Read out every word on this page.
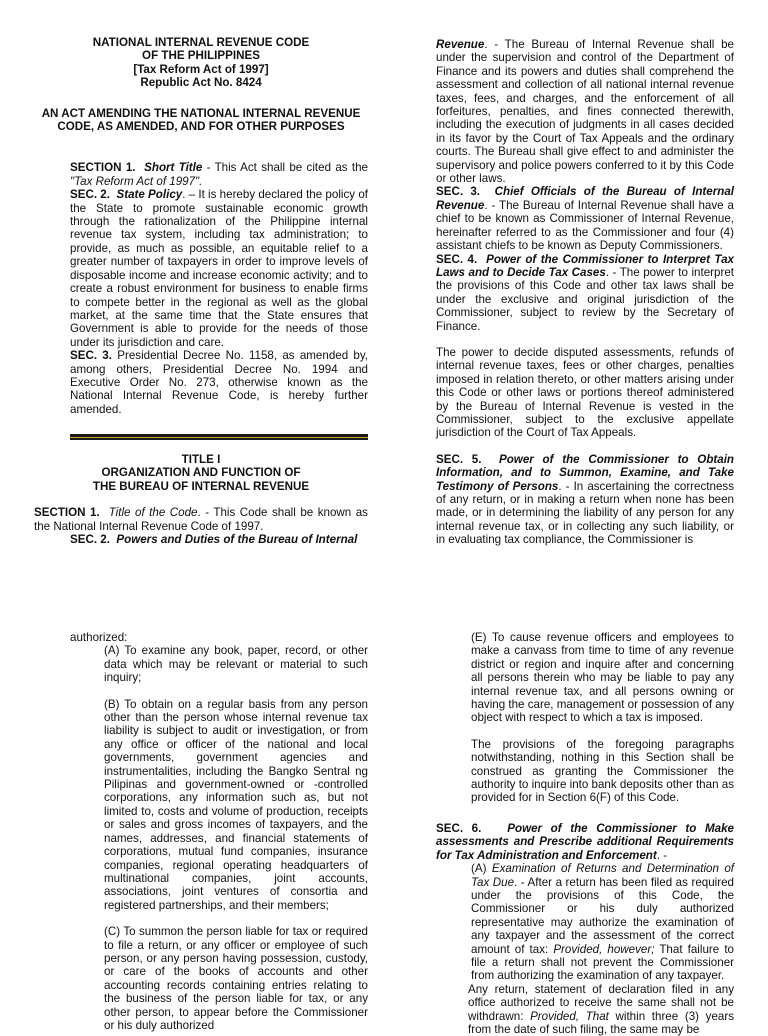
NATIONAL INTERNAL REVENUE CODE
OF THE PHILIPPINES
[Tax Reform Act of 1997]
Republic Act No. 8424
AN ACT AMENDING THE NATIONAL INTERNAL REVENUE
CODE, AS AMENDED, AND FOR OTHER PURPOSES

SECTION 1. Short Title - This Act shall be cited as the "Tax Reform Act of 1997".

SEC. 2. State Policy. – It is hereby declared the policy of the State to promote sustainable economic growth through the rationalization of the Philippine internal revenue tax system, including tax administration; to provide, as much as possible, an equitable relief to a greater number of taxpayers in order to improve levels of disposable income and increase economic activity; and to create a robust environment for business to enable firms to compete better in the regional as well as the global market, at the same time that the State ensures that Government is able to provide for the needs of those under its jurisdiction and care.

SEC. 3. Presidential Decree No. 1158, as amended by, among others, Presidential Decree No. 1994 and Executive Order No. 273, otherwise known as the National Internal Revenue Code, is hereby further amended.

TITLE I
ORGANIZATION AND FUNCTION OF
THE BUREAU OF INTERNAL REVENUE

SECTION 1. Title of the Code. - This Code shall be known as the National Internal Revenue Code of 1997.

SEC. 2. Powers and Duties of the Bureau of Internal

Revenue. - The Bureau of Internal Revenue shall be under the supervision and control of the Department of Finance and its powers and duties shall comprehend the assessment and collection of all national internal revenue taxes, fees, and charges, and the enforcement of all forfeitures, penalties, and fines connected therewith, including the execution of judgments in all cases decided in its favor by the Court of Tax Appeals and the ordinary courts. The Bureau shall give effect to and administer the supervisory and police powers conferred to it by this Code or other laws.

SEC. 3. Chief Officials of the Bureau of Internal Revenue. - The Bureau of Internal Revenue shall have a chief to be known as Commissioner of Internal Revenue, hereinafter referred to as the Commissioner and four (4) assistant chiefs to be known as Deputy Commissioners.

SEC. 4. Power of the Commissioner to Interpret Tax Laws and to Decide Tax Cases. - The power to interpret the provisions of this Code and other tax laws shall be under the exclusive and original jurisdiction of the Commissioner, subject to review by the Secretary of Finance.

The power to decide disputed assessments, refunds of internal revenue taxes, fees or other charges, penalties imposed in relation thereto, or other matters arising under this Code or other laws or portions thereof administered by the Bureau of Internal Revenue is vested in the Commissioner, subject to the exclusive appellate jurisdiction of the Court of Tax Appeals.

SEC. 5. Power of the Commissioner to Obtain Information, and to Summon, Examine, and Take Testimony of Persons. - In ascertaining the correctness of any return, or in making a return when none has been made, or in determining the liability of any person for any internal revenue tax, or in collecting any such liability, or in evaluating tax compliance, the Commissioner is

authorized:

(A) To examine any book, paper, record, or other data which may be relevant or material to such inquiry;

(B) To obtain on a regular basis from any person other than the person whose internal revenue tax liability is subject to audit or investigation, or from any office or officer of the national and local governments, government agencies and instrumentalities, including the Bangko Sentral ng Pilipinas and government-owned or -controlled corporations, any information such as, but not limited to, costs and volume of production, receipts or sales and gross incomes of taxpayers, and the names, addresses, and financial statements of corporations, mutual fund companies, insurance companies, regional operating headquarters of multinational companies, joint accounts, associations, joint ventures of consortia and registered partnerships, and their members;

(C) To summon the person liable for tax or required to file a return, or any officer or employee of such person, or any person having possession, custody, or care of the books of accounts and other accounting records containing entries relating to the business of the person liable for tax, or any other person, to appear before the Commissioner or his duly authorized

(E) To cause revenue officers and employees to make a canvass from time to time of any revenue district or region and inquire after and concerning all persons therein who may be liable to pay any internal revenue tax, and all persons owning or having the care, management or possession of any object with respect to which a tax is imposed.

The provisions of the foregoing paragraphs notwithstanding, nothing in this Section shall be construed as granting the Commissioner the authority to inquire into bank deposits other than as provided for in Section 6(F) of this Code.

SEC. 6. Power of the Commissioner to Make assessments and Prescribe additional Requirements for Tax Administration and Enforcement. -

(A) Examination of Returns and Determination of Tax Due. - After a return has been filed as required under the provisions of this Code, the Commissioner or his duly authorized representative may authorize the examination of any taxpayer and the assessment of the correct amount of tax: Provided, however; That failure to file a return shall not prevent the Commissioner from authorizing the examination of any taxpayer.

Any return, statement of declaration filed in any office authorized to receive the same shall not be withdrawn: Provided, That within three (3) years from the date of such filing, the same may be
